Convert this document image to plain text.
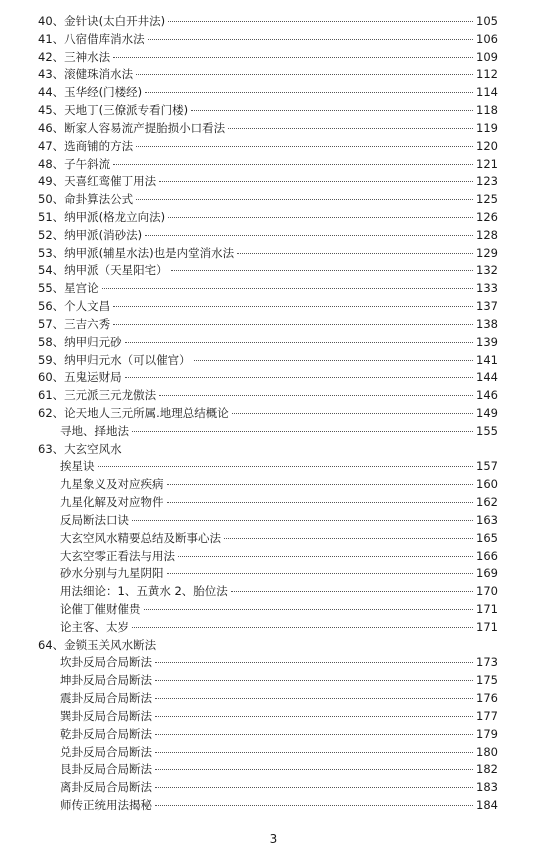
40、 金针诀(太白开井法)	105
41、 八宿借库消水法	106
42、 三神水法	109
43、 滚健珠消水法	112
44、 玉华经(门楼经)	114
45、 天地丁(三僚派专看门楼)	118
46、 断家人容易流产提胎损小口看法	119
47、 选商铺的方法	120
48、 子午斜流	121
49、 天喜红鸾催丁用法	123
50、 命卦算法公式	125
51、 纳甲派(格龙立向法)	126
52、 纳甲派(消砂法)	128
53、 纳甲派(辅星水法)也是内堂消水法	129
54、 纳甲派（天星阳宅）	132
55、 星宫论	133
56、 个人文昌	137
57、 三吉六秀	138
58、 纳甲归元砂	139
59、 纳甲归元水（可以催官）	141
60、 五鬼运财局	144
61、 三元派三元龙傲法	146
62、 论天地人三元所属.地理总结概论	149
寻地、择地法	155
63、 大玄空风水
挨星诀	157
九星象义及对应疾病	160
九星化解及对应物件	162
反局断法口诀	163
大玄空风水精要总结及断事心法	165
大玄空零正看法与用法	166
砂水分别与九星阴阳	169
用法细论：1、五黄水 2、胎位法	170
论催丁催财催贵	171
论主客、太岁	171
64、 金锁玉关风水断法
坎卦反局合局断法	173
坤卦反局合局断法	175
震卦反局合局断法	176
巽卦反局合局断法	177
乾卦反局合局断法	179
兑卦反局合局断法	180
艮卦反局合局断法	182
离卦反局合局断法	183
师传正统用法揭秘	184
3
